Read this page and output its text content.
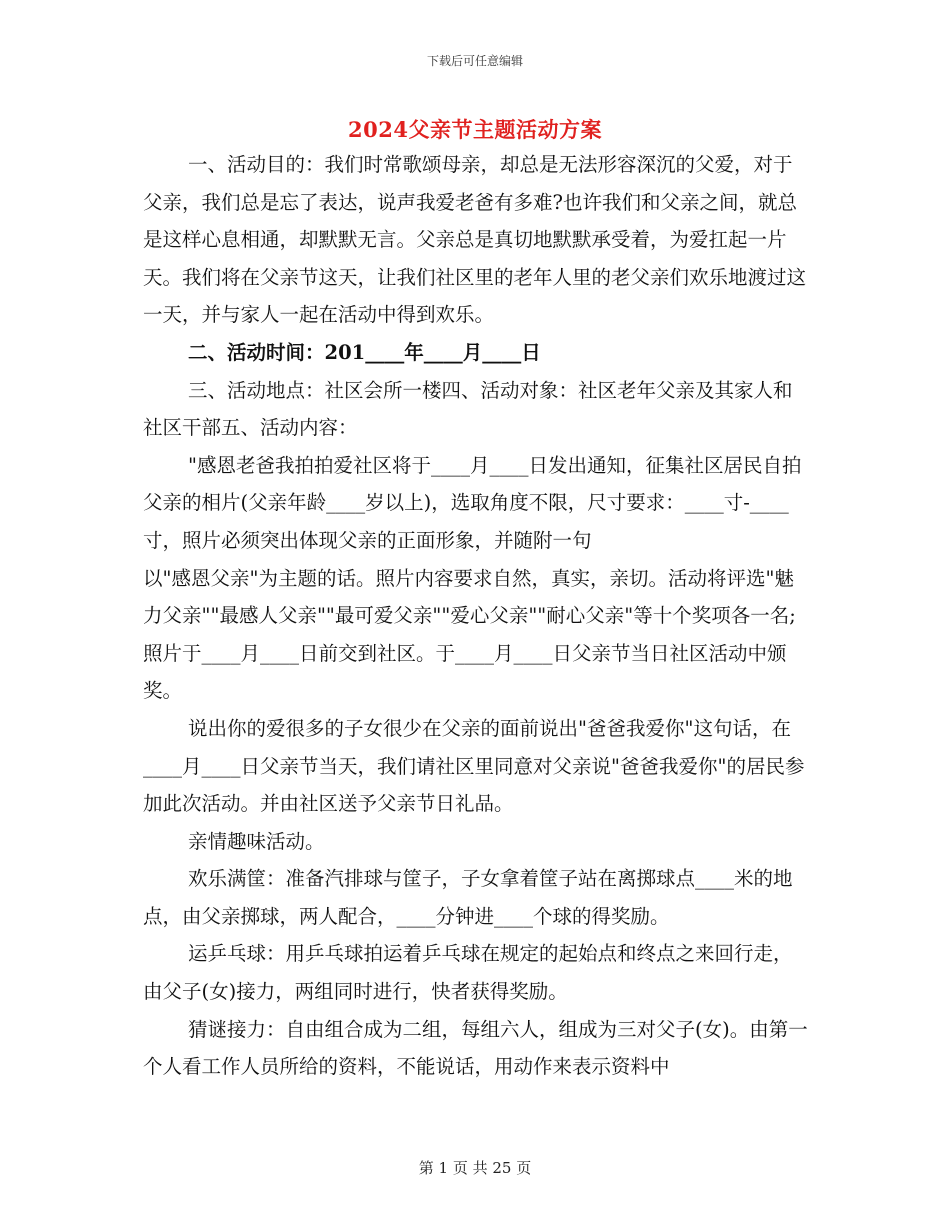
下载后可任意编辑
2024父亲节主题活动方案

一、活动目的：我们时常歌颂母亲，却总是无法形容深沉的父爱，对于父亲，我们总是忘了表达，说声我爱老爸有多难?也许我们和父亲之间，就总是这样心息相通，却默默无言。父亲总是真切地默默承受着，为爱扛起一片天。我们将在父亲节这天，让我们社区里的老年人里的老父亲们欢乐地渡过这一天，并与家人一起在活动中得到欢乐。

二、活动时间：201____年____月____日

三、活动地点：社区会所一楼四、活动对象：社区老年父亲及其家人和社区干部五、活动内容：

"感恩老爸我拍拍爱社区将于____月____日发出通知，征集社区居民自拍父亲的相片(父亲年龄____岁以上)，选取角度不限，尺寸要求：____寸-____寸，照片必须突出体现父亲的正面形象，并随附一句

以"感恩父亲"为主题的话。照片内容要求自然，真实，亲切。活动将评选"魅力父亲""最感人父亲""最可爱父亲""爱心父亲""耐心父亲"等十个奖项各一名;照片于____月____日前交到社区。于____月____日父亲节当日社区活动中颁奖。

说出你的爱很多的子女很少在父亲的面前说出"爸爸我爱你"这句话，在____月____日父亲节当天，我们请社区里同意对父亲说"爸爸我爱你"的居民参加此次活动。并由社区送予父亲节日礼品。

亲情趣味活动。

欢乐满筐：准备汽排球与筐子，子女拿着筐子站在离掷球点____米的地点，由父亲掷球，两人配合，____分钟进____个球的得奖励。

运乒乓球：用乒乓球拍运着乒乓球在规定的起始点和终点之来回行走，由父子(女)接力，两组同时进行，快者获得奖励。

猜谜接力：自由组合成为二组，每组六人，组成为三对父子(女)。由第一个人看工作人员所给的资料，不能说话，用动作来表示资料中

第 1 页 共 25 页
